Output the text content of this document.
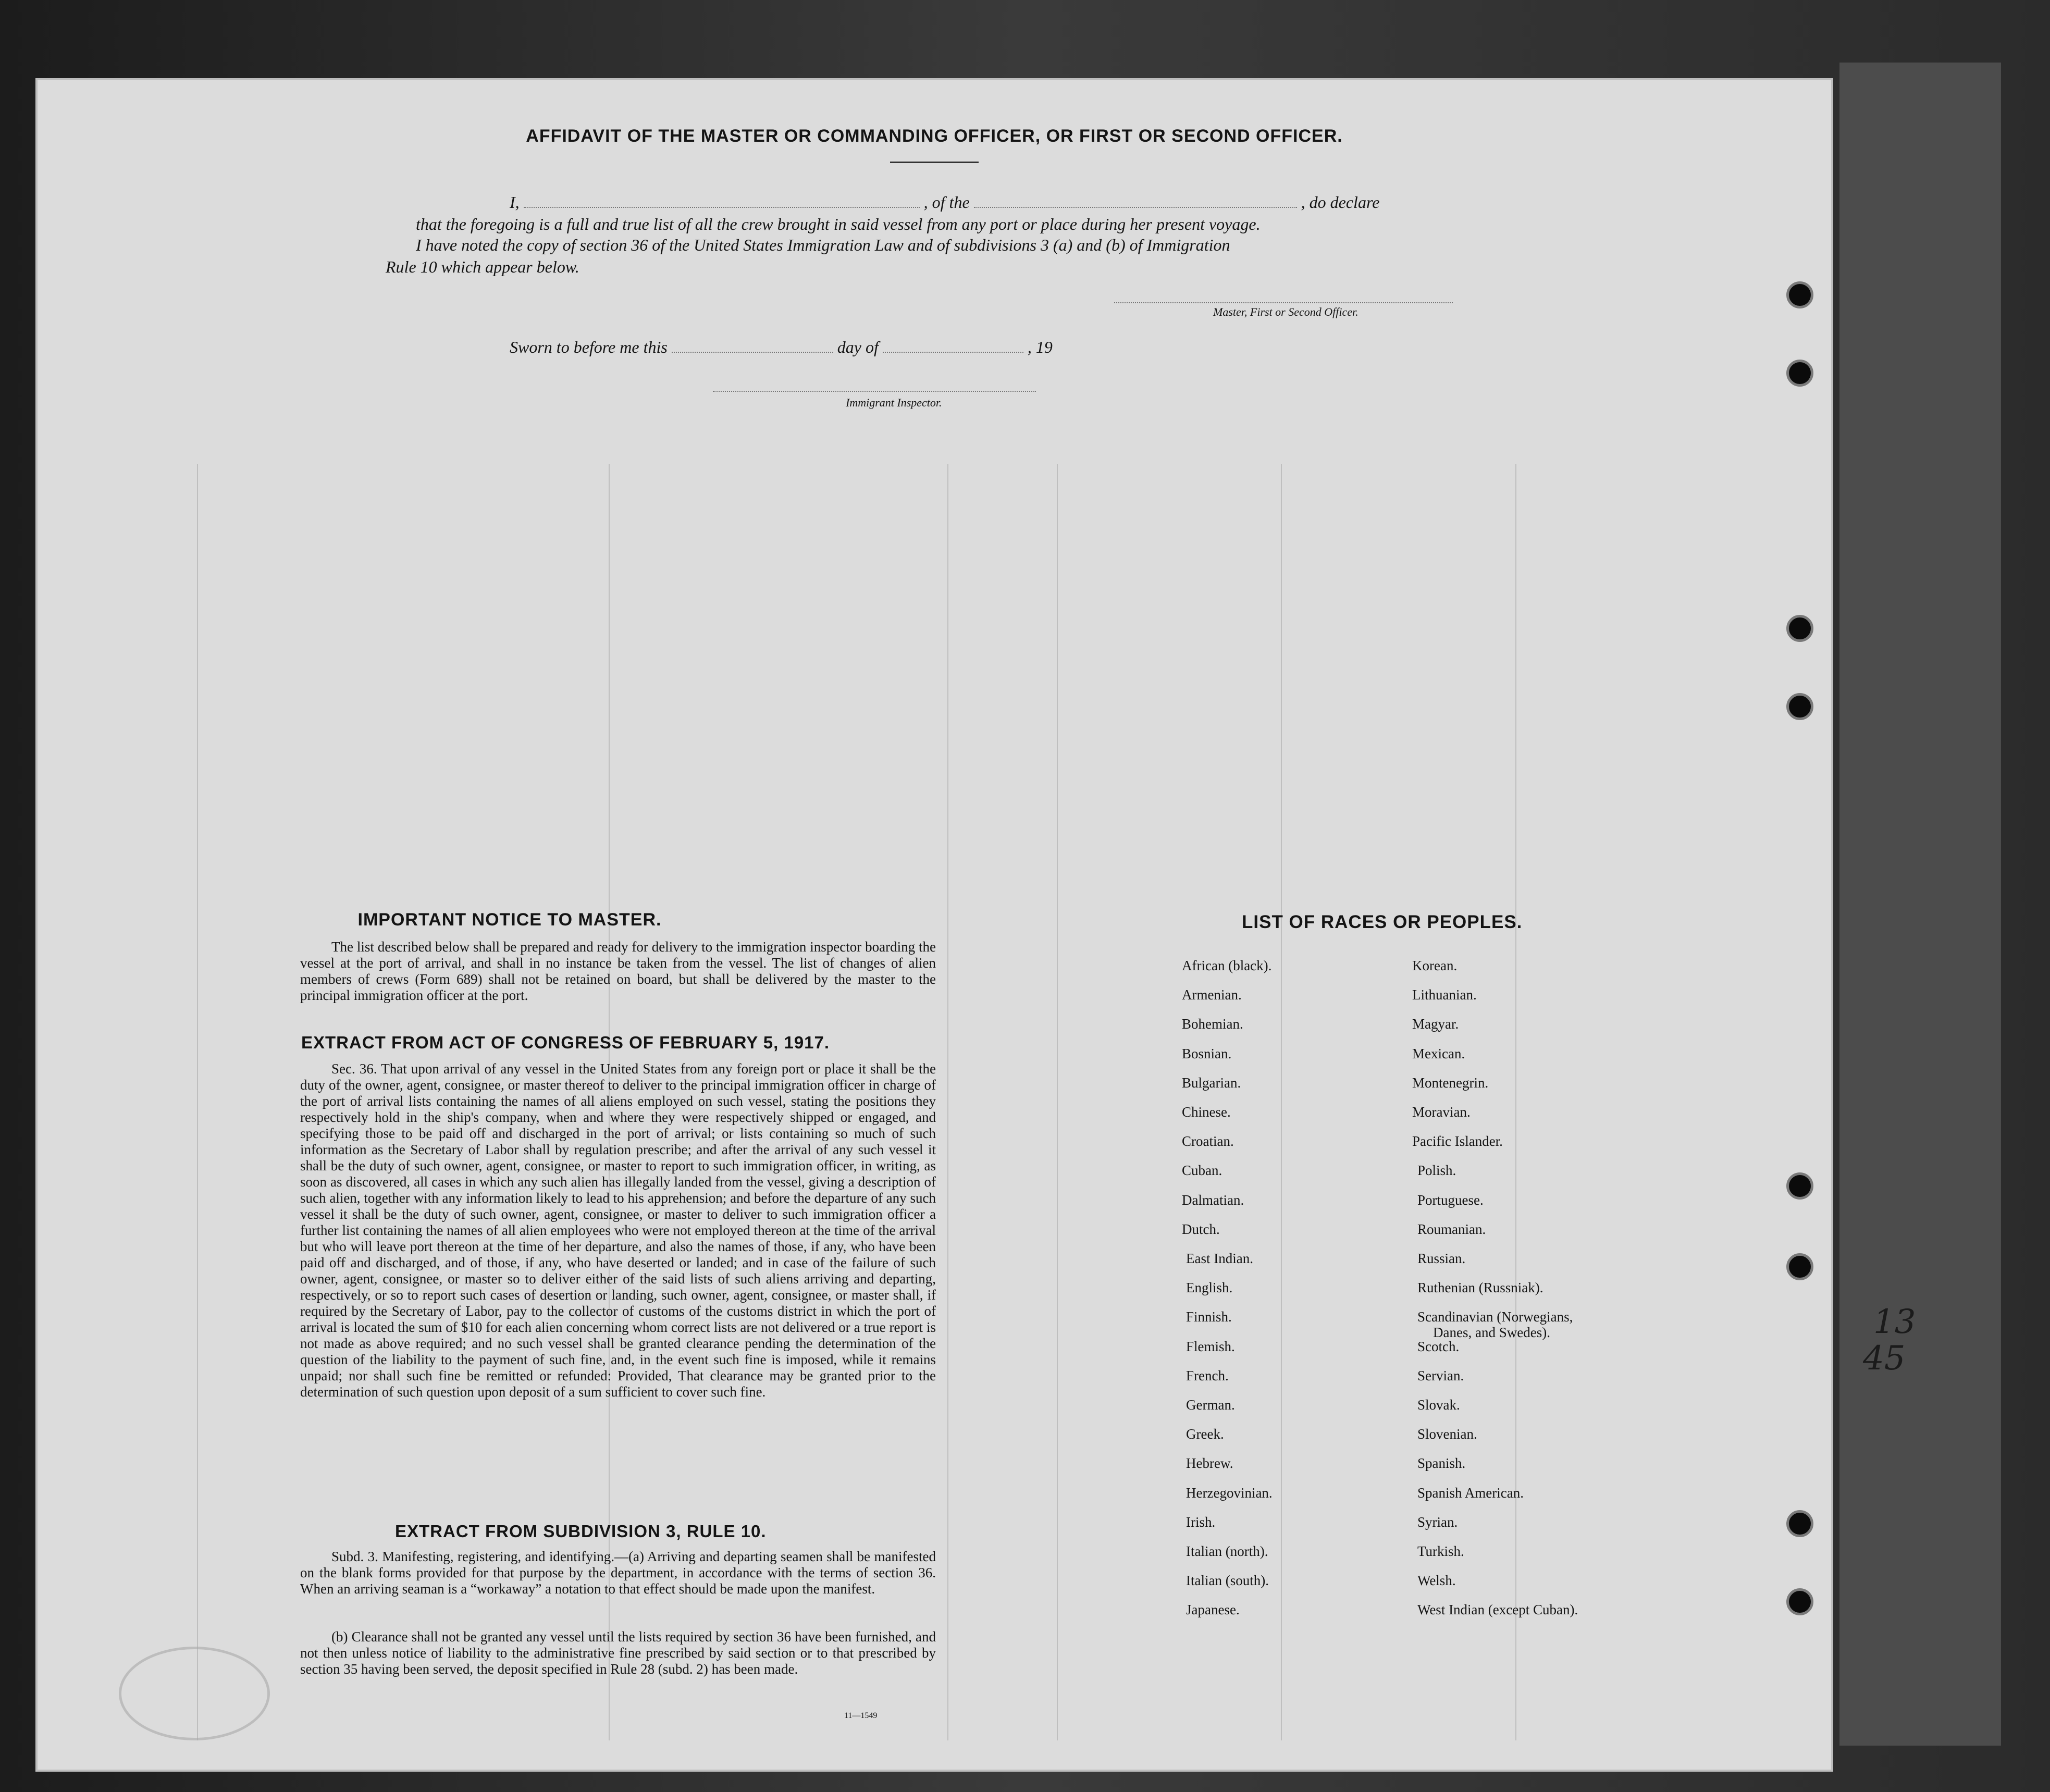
AFFIDAVIT OF THE MASTER OR COMMANDING OFFICER, OR FIRST OR SECOND OFFICER.
I,	, of the	, do declare
that the foregoing is a full and true list of all the crew brought in said vessel from any port or place during her present voyage.
I have noted the copy of section 36 of the United States Immigration Law and of subdivisions 3 (a) and (b) of Immigration
Rule 10 which appear below.
Master, First or Second Officer.
Sworn to before me this	day of	, 19
Immigrant Inspector.
IMPORTANT NOTICE TO MASTER.
The list described below shall be prepared and ready for delivery to the immigration inspector boarding the vessel at the port of arrival, and shall in no instance be taken from the vessel. The list of changes of alien members of crews (Form 689) shall not be retained on board, but shall be delivered by the master to the principal immigration officer at the port.
EXTRACT FROM ACT OF CONGRESS OF FEBRUARY 5, 1917.
Sec. 36. That upon arrival of any vessel in the United States from any foreign port or place it shall be the duty of the owner, agent, consignee, or master thereof to deliver to the principal immigration officer in charge of the port of arrival lists containing the names of all aliens employed on such vessel, stating the positions they respectively hold in the ship's company, when and where they were respectively shipped or engaged, and specifying those to be paid off and discharged in the port of arrival; or lists containing so much of such information as the Secretary of Labor shall by regulation prescribe; and after the arrival of any such vessel it shall be the duty of such owner, agent, consignee, or master to report to such immigration officer, in writing, as soon as discovered, all cases in which any such alien has illegally landed from the vessel, giving a description of such alien, together with any information likely to lead to his apprehension; and before the departure of any such vessel it shall be the duty of such owner, agent, consignee, or master to deliver to such immigration officer a further list containing the names of all alien employees who were not employed thereon at the time of the arrival but who will leave port thereon at the time of her departure, and also the names of those, if any, who have been paid off and discharged, and of those, if any, who have deserted or landed; and in case of the failure of such owner, agent, consignee, or master so to deliver either of the said lists of such aliens arriving and departing, respectively, or so to report such cases of desertion or landing, such owner, agent, consignee, or master shall, if required by the Secretary of Labor, pay to the collector of customs of the customs district in which the port of arrival is located the sum of $10 for each alien concerning whom correct lists are not delivered or a true report is not made as above required; and no such vessel shall be granted clearance pending the determination of the question of the liability to the payment of such fine, and, in the event such fine is imposed, while it remains unpaid; nor shall such fine be remitted or refunded: Provided, That clearance may be granted prior to the determination of such question upon deposit of a sum sufficient to cover such fine.
EXTRACT FROM SUBDIVISION 3, RULE 10.
Subd. 3. Manifesting, registering, and identifying.—(a) Arriving and departing seamen shall be manifested on the blank forms provided for that purpose by the department, in accordance with the terms of section 36. When an arriving seaman is a “workaway” a notation to that effect should be made upon the manifest.
(b) Clearance shall not be granted any vessel until the lists required by section 36 have been furnished, and not then unless notice of liability to the administrative fine prescribed by said section or to that prescribed by section 35 having been served, the deposit specified in Rule 28 (subd. 2) has been made.
11—1549
LIST OF RACES OR PEOPLES.
African (black).
Armenian.
Bohemian.
Bosnian.
Bulgarian.
Chinese.
Croatian.
Cuban.
Dalmatian.
Dutch.
East Indian.
English.
Finnish.
Flemish.
French.
German.
Greek.
Hebrew.
Herzegovinian.
Irish.
Italian (north).
Italian (south).
Japanese.
Korean.
Lithuanian.
Magyar.
Mexican.
Montenegrin.
Moravian.
Pacific Islander.
Polish.
Portuguese.
Roumanian.
Russian.
Ruthenian (Russniak).
Scandinavian (Norwegians,
Danes, and Swedes).
Scotch.
Servian.
Slovak.
Slovenian.
Spanish.
Spanish American.
Syrian.
Turkish.
Welsh.
West Indian (except Cuban).
13
45
